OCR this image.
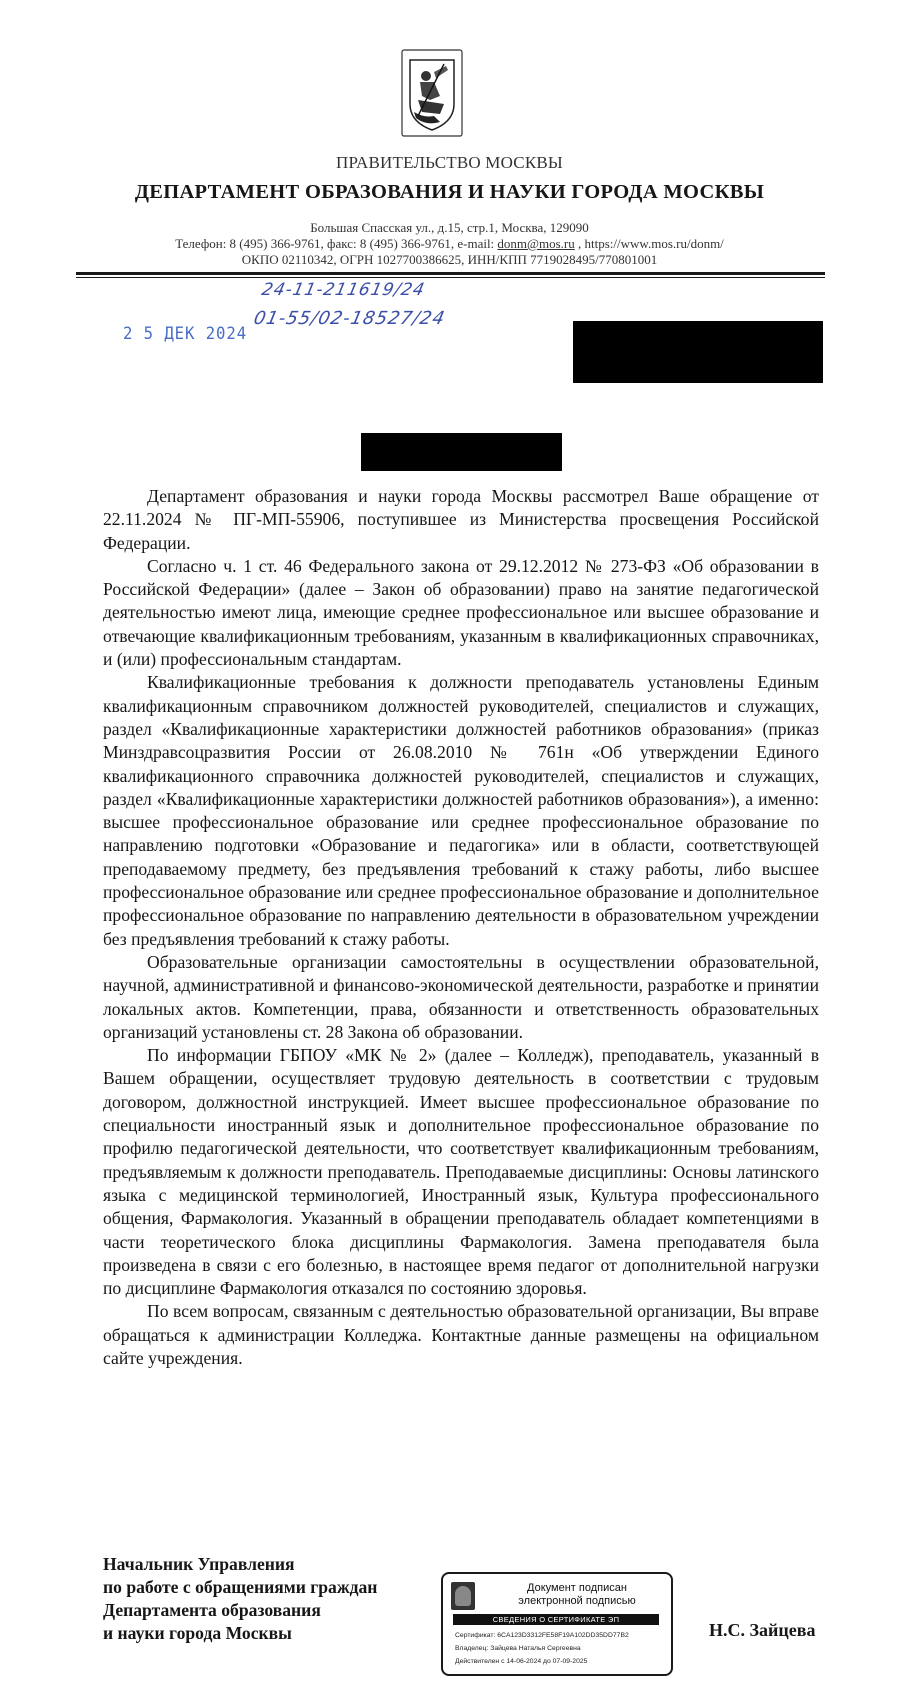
ПРАВИТЕЛЬСТВО МОСКВЫ
ДЕПАРТАМЕНТ ОБРАЗОВАНИЯ И НАУКИ ГОРОДА МОСКВЫ
Большая Спасская ул., д.15, стр.1, Москва, 129090
Телефон: 8 (495) 366-9761, факс: 8 (495) 366-9761, e-mail: donm@mos.ru , https://www.mos.ru/donm/
ОКПО 02110342, ОГРН 1027700386625, ИНН/КПП 7719028495/770801001
24-11-211619/24
01-55/02-18527/24
2 5 ДЕК 2024

Департамент образования и науки города Москвы рассмотрел Ваше обращение от 22.11.2024 № ПГ-МП-55906, поступившее из Министерства просвещения Российской Федерации.

Согласно ч. 1 ст. 46 Федерального закона от 29.12.2012 № 273-ФЗ «Об образовании в Российской Федерации» (далее – Закон об образовании) право на занятие педагогической деятельностью имеют лица, имеющие среднее профессиональное или высшее образование и отвечающие квалификационным требованиям, указанным в квалификационных справочниках, и (или) профессиональным стандартам.

Квалификационные требования к должности преподаватель установлены Единым квалификационным справочником должностей руководителей, специалистов и служащих, раздел «Квалификационные характеристики должностей работников образования» (приказ Минздравсоцразвития России от 26.08.2010 № 761н «Об утверждении Единого квалификационного справочника должностей руководителей, специалистов и служащих, раздел «Квалификационные характеристики должностей работников образования»), а именно: высшее профессиональное образование или среднее профессиональное образование по направлению подготовки «Образование и педагогика» или в области, соответствующей преподаваемому предмету, без предъявления требований к стажу работы, либо высшее профессиональное образование или среднее профессиональное образование и дополнительное профессиональное образование по направлению деятельности в образовательном учреждении без предъявления требований к стажу работы.

Образовательные организации самостоятельны в осуществлении образовательной, научной, административной и финансово-экономической деятельности, разработке и принятии локальных актов. Компетенции, права, обязанности и ответственность образовательных организаций установлены ст. 28 Закона об образовании.

По информации ГБПОУ «МК № 2» (далее – Колледж), преподаватель, указанный в Вашем обращении, осуществляет трудовую деятельность в соответствии с трудовым договором, должностной инструкцией. Имеет высшее профессиональное образование по специальности иностранный язык и дополнительное профессиональное образование по профилю педагогической деятельности, что соответствует квалификационным требованиям, предъявляемым к должности преподаватель. Преподаваемые дисциплины: Основы латинского языка с медицинской терминологией, Иностранный язык, Культура профессионального общения, Фармакология. Указанный в обращении преподаватель обладает компетенциями в части теоретического блока дисциплины Фармакология. Замена преподавателя была произведена в связи с его болезнью, в настоящее время педагог от дополнительной нагрузки по дисциплине Фармакология отказался по состоянию здоровья.

По всем вопросам, связанным с деятельностью образовательной организации, Вы вправе обращаться к администрации Колледжа. Контактные данные размещены на официальном сайте учреждения.

Начальник Управления
по работе с обращениями граждан
Департамента образования
и науки города Москвы
Документ подписан
электронной подписью
СВЕДЕНИЯ О СЕРТИФИКАТЕ ЭП
Сертификат: 6CA123D3312FE58F19A102DD35DD77B2
Владелец: Зайцева Наталья Сергеевна
Действителен с 14-06-2024 до 07-09-2025
Н.С. Зайцева
